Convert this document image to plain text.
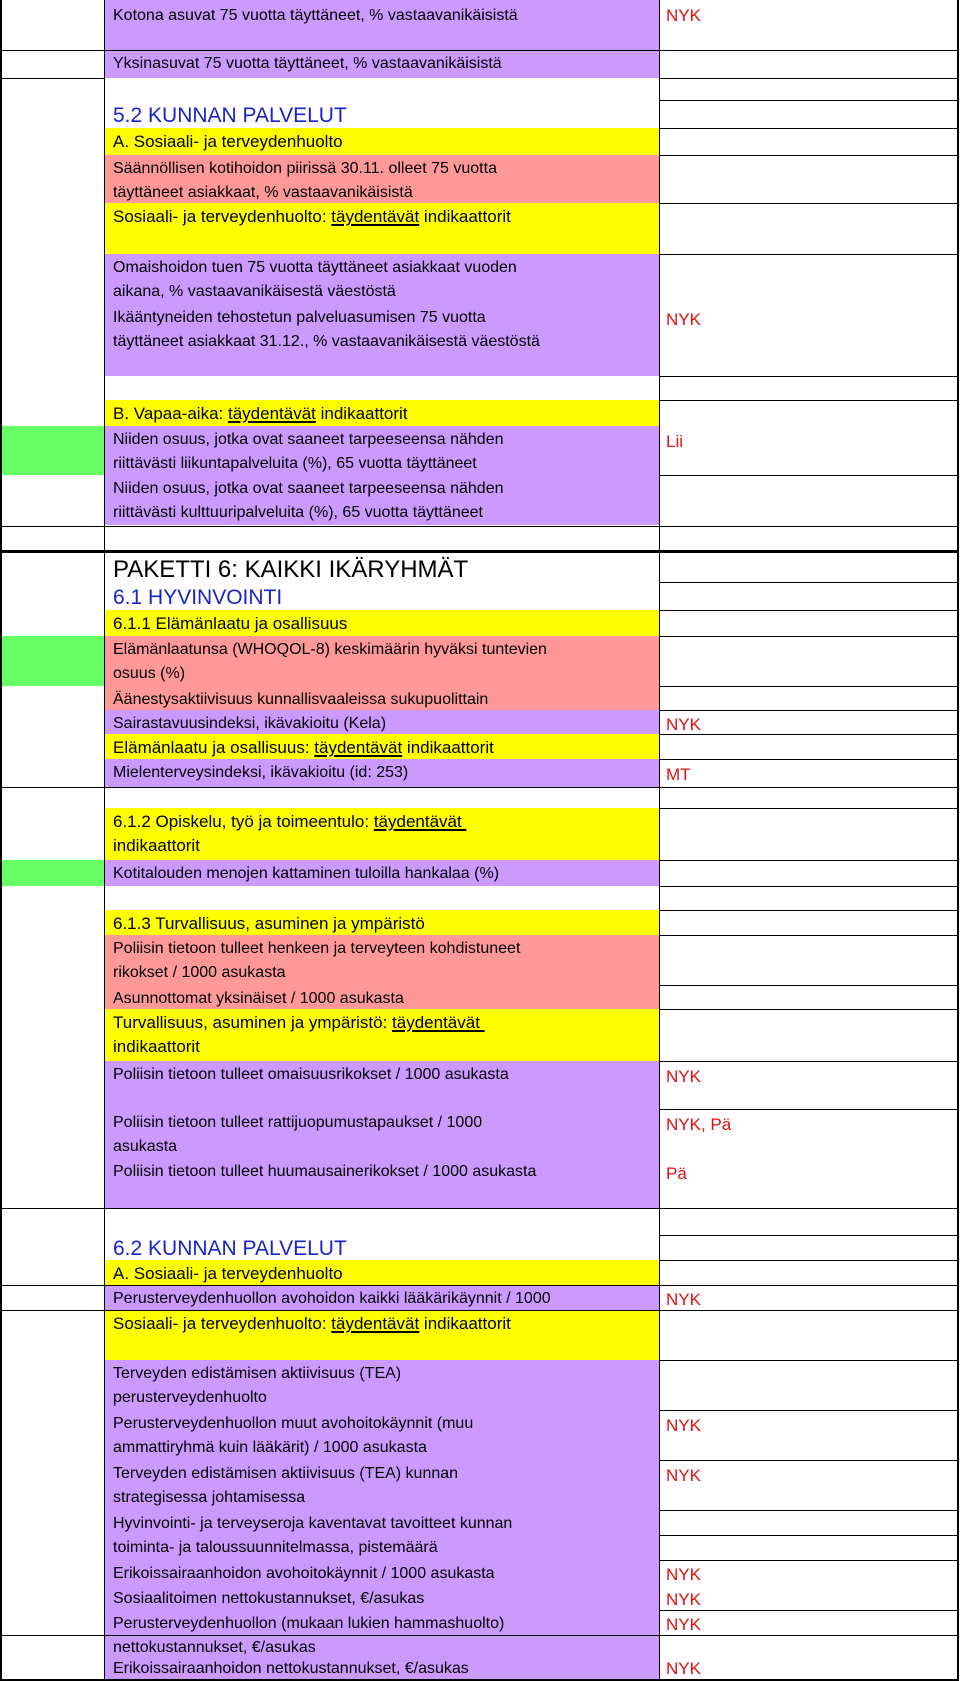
Kotona asuvat 75 vuotta täyttäneet, % vastaavanikäisistä
Yksinasuvat 75 vuotta täyttäneet, % vastaavanikäisistä
5.2 KUNNAN PALVELUT
A. Sosiaali- ja terveydenhuolto
Säännöllisen kotihoidon piirissä 30.11. olleet 75 vuotta
täyttäneet asiakkaat, % vastaavanikäisistä
Sosiaali- ja terveydenhuolto: täydentävät indikaattorit
Omaishoidon tuen 75 vuotta täyttäneet asiakkaat vuoden
aikana, % vastaavanikäisestä väestöstä
Ikääntyneiden tehostetun palveluasumisen 75 vuotta
täyttäneet asiakkaat 31.12., % vastaavanikäisestä väestöstä
B. Vapaa-aika: täydentävät indikaattorit
Niiden osuus, jotka ovat saaneet tarpeeseensa nähden
riittävästi liikuntapalveluita (%), 65 vuotta täyttäneet
Niiden osuus, jotka ovat saaneet tarpeeseensa nähden
riittävästi kulttuuripalveluita (%), 65 vuotta täyttäneet
PAKETTI 6: KAIKKI IKÄRYHMÄT
6.1 HYVINVOINTI
6.1.1 Elämänlaatu ja osallisuus
Elämänlaatunsa (WHOQOL-8) keskimäärin hyväksi tuntevien
osuus (%)
Äänestysaktiivisuus kunnallisvaaleissa sukupuolittain
Sairastavuusindeksi, ikävakioitu (Kela)
Elämänlaatu ja osallisuus: täydentävät indikaattorit
Mielenterveysindeksi, ikävakioitu (id: 253)
6.1.2 Opiskelu, työ ja toimeentulo: täydentävät
indikaattorit
Kotitalouden menojen kattaminen tuloilla hankalaa (%)
6.1.3 Turvallisuus, asuminen ja ympäristö
Poliisin tietoon tulleet henkeen ja terveyteen kohdistuneet
rikokset / 1000 asukasta
Asunnottomat yksinäiset / 1000 asukasta
Turvallisuus, asuminen ja ympäristö: täydentävät
indikaattorit
Poliisin tietoon tulleet omaisuusrikokset / 1000 asukasta
Poliisin tietoon tulleet rattijuopumustapaukset / 1000
asukasta
Poliisin tietoon tulleet huumausainerikokset / 1000 asukasta
6.2 KUNNAN PALVELUT
A. Sosiaali- ja terveydenhuolto
Perusterveydenhuollon avohoidon kaikki lääkärikäynnit / 1000
Sosiaali- ja terveydenhuolto: täydentävät indikaattorit
Terveyden edistämisen aktiivisuus (TEA)
perusterveydenhuolto
Perusterveydenhuollon muut avohoitokäynnit (muu
ammattiryhmä kuin lääkärit) / 1000 asukasta
Terveyden edistämisen aktiivisuus (TEA) kunnan
strategisessa johtamisessa
Hyvinvointi- ja terveyseroja kaventavat tavoitteet kunnan
toiminta- ja taloussuunnitelmassa, pistemäärä
Erikoissairaanhoidon avohoitokäynnit / 1000 asukasta
Sosiaalitoimen nettokustannukset, €/asukas
Perusterveydenhuollon (mukaan lukien hammashuolto)
nettokustannukset, €/asukas
Erikoissairaanhoidon nettokustannukset, €/asukas
NYK
NYK
Lii
NYK
MT
NYK
NYK, Pä
Pä
NYK
NYK
NYK
NYK
NYK
NYK
NYK
